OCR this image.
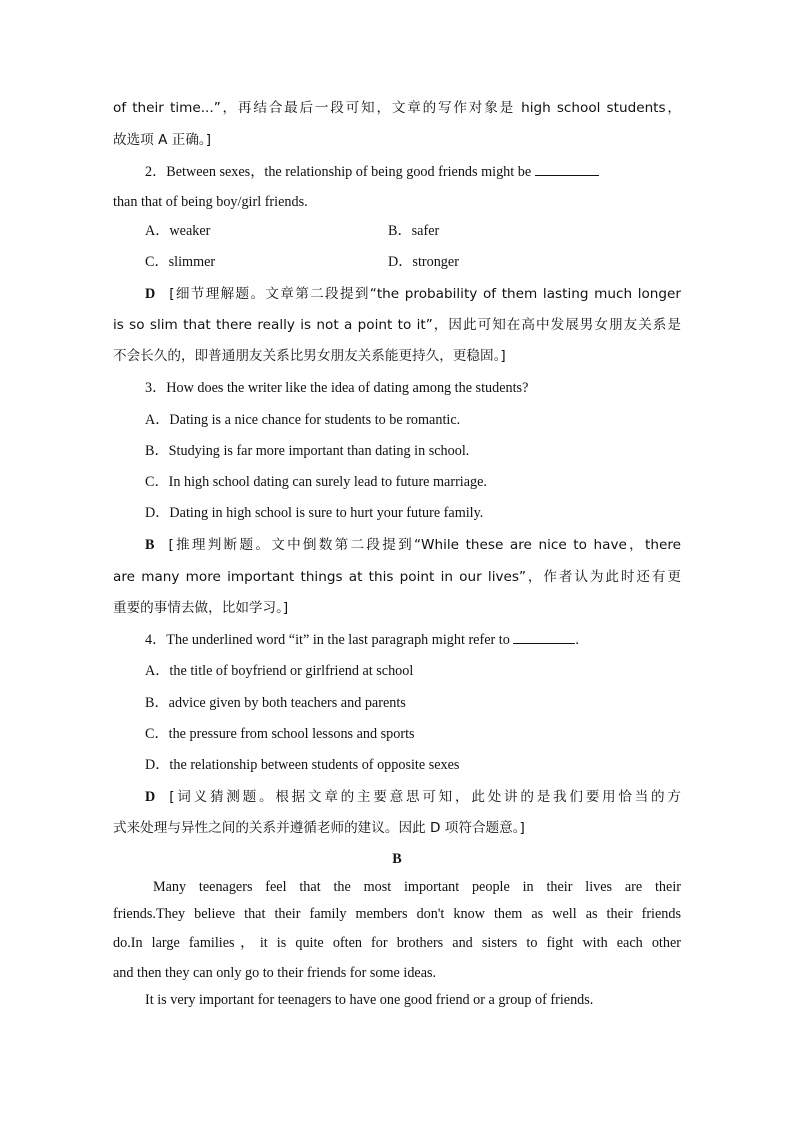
of their time...”，再结合最后一段可知，文章的写作对象是 high school students，
故选项 A 正确。]
2．Between sexes，the relationship of being good friends might be
than that of being boy/girl friends.
A．weaker	B．safer
C．slimmer	D．stronger
D [细节理解题。文章第二段提到“the probability of them lasting much longer
is so slim that there really is not a point to it”，因此可知在高中发展男女朋友关系是
不会长久的，即普通朋友关系比男女朋友关系能更持久，更稳固。]
3．How does the writer like the idea of dating among the students?
A．Dating is a nice chance for students to be romantic.
B．Studying is far more important than dating in school.
C．In high school dating can surely lead to future marriage.
D．Dating in high school is sure to hurt your future family.
B [推理判断题。文中倒数第二段提到“While these are nice to have，there
are many more important things at this point in our lives”，作者认为此时还有更
重要的事情去做，比如学习。]
4．The underlined word “it” in the last paragraph might refer to	.
A．the title of boyfriend or girlfriend at school
B．advice given by both teachers and parents
C．the pressure from school lessons and sports
D．the relationship between students of opposite sexes
D [词义猜测题。根据文章的主要意思可知，此处讲的是我们要用恰当的方
式来处理与异性之间的关系并遵循老师的建议。因此 D 项符合题意。]
B
Many teenagers feel that the most important people in their lives are their
friends.They believe that their family members don't know them as well as their friends
do.In large families，it is quite often for brothers and sisters to fight with each other
and then they can only go to their friends for some ideas.
It is very important for teenagers to have one good friend or a group of friends.
